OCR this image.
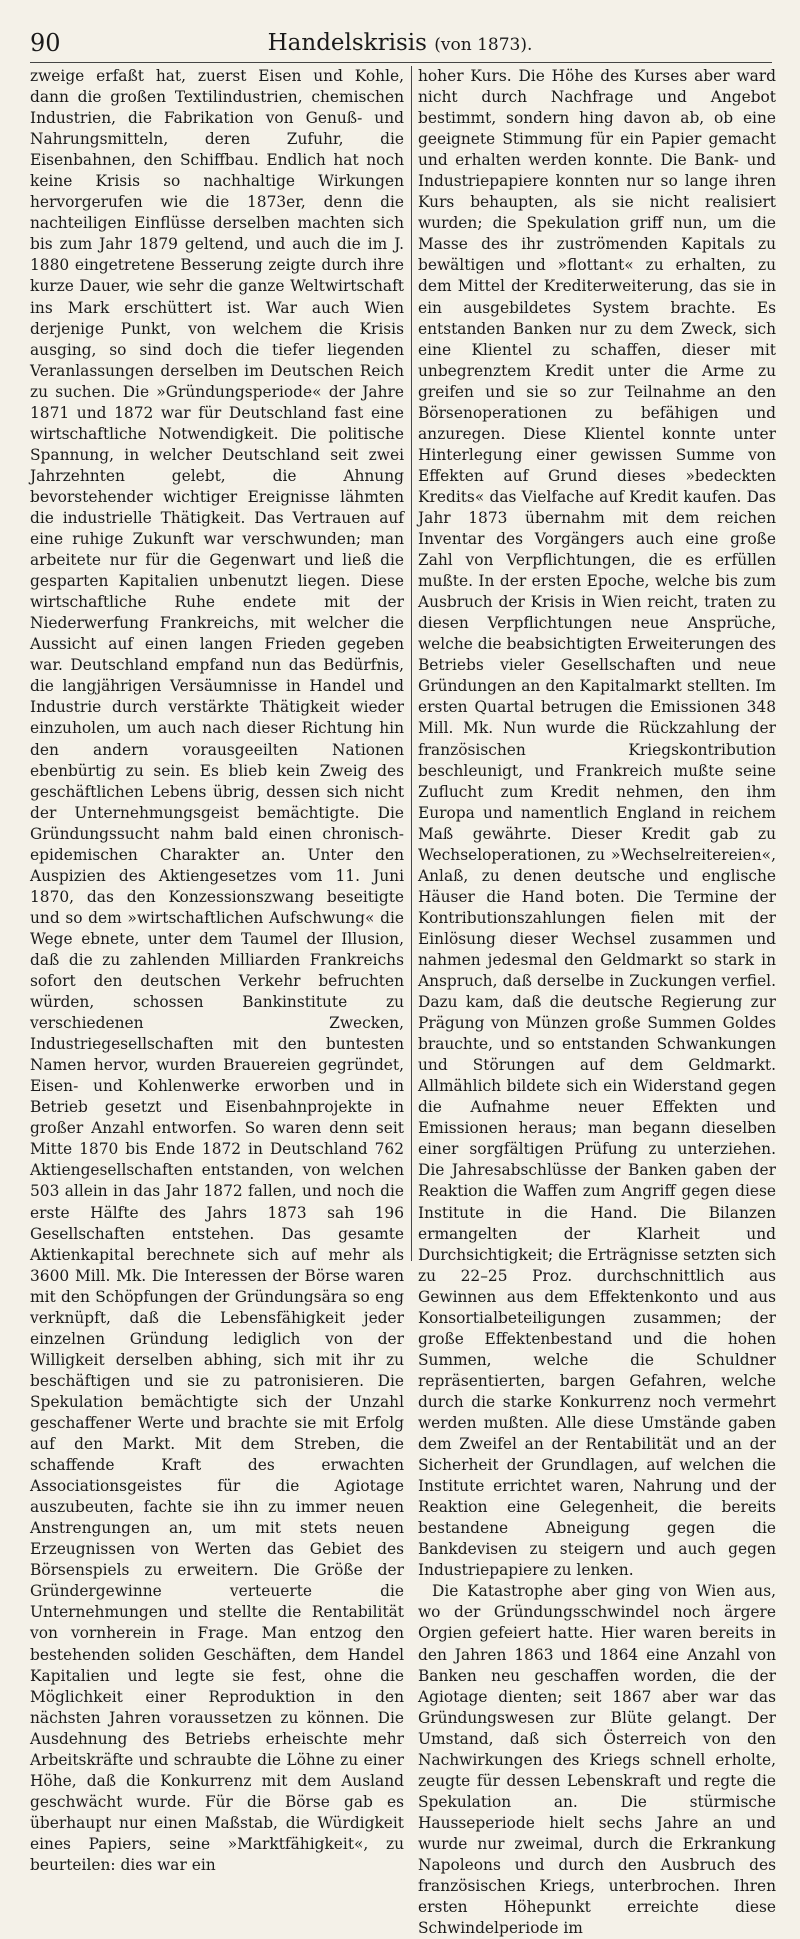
90	Handelskrisis (von 1873).

zweige erfaßt hat, zuerst Eisen und Kohle, dann die großen Textilindustrien, chemischen Industrien, die Fabrikation von Genuß- und Nahrungsmitteln, deren Zufuhr, die Eisenbahnen, den Schiffbau. Endlich hat noch keine Krisis so nachhaltige Wirkungen hervorgerufen wie die 1873er, denn die nachteiligen Einflüsse derselben machten sich bis zum Jahr 1879 geltend, und auch die im J. 1880 eingetretene Besserung zeigte durch ihre kurze Dauer, wie sehr die ganze Weltwirtschaft ins Mark erschüttert ist. War auch Wien derjenige Punkt, von welchem die Krisis ausging, so sind doch die tiefer liegenden Veranlassungen derselben im Deutschen Reich zu suchen. Die »Gründungsperiode« der Jahre 1871 und 1872 war für Deutschland fast eine wirtschaftliche Notwendigkeit. Die politische Spannung, in welcher Deutschland seit zwei Jahrzehnten gelebt, die Ahnung bevorstehender wichtiger Ereignisse lähmten die industrielle Thätigkeit. Das Vertrauen auf eine ruhige Zukunft war verschwunden; man arbeitete nur für die Gegenwart und ließ die gesparten Kapitalien unbenutzt liegen. Diese wirtschaftliche Ruhe endete mit der Niederwerfung Frankreichs, mit welcher die Aussicht auf einen langen Frieden gegeben war. Deutschland empfand nun das Bedürfnis, die langjährigen Versäumnisse in Handel und Industrie durch verstärkte Thätigkeit wieder einzuholen, um auch nach dieser Richtung hin den andern vorausgeeilten Nationen ebenbürtig zu sein. Es blieb kein Zweig des geschäftlichen Lebens übrig, dessen sich nicht der Unternehmungsgeist bemächtigte. Die Gründungssucht nahm bald einen chronisch-epidemischen Charakter an. Unter den Auspizien des Aktiengesetzes vom 11. Juni 1870, das den Konzessionszwang beseitigte und so dem »wirtschaftlichen Aufschwung« die Wege ebnete, unter dem Taumel der Illusion, daß die zu zahlenden Milliarden Frankreichs sofort den deutschen Verkehr befruchten würden, schossen Bankinstitute zu verschiedenen Zwecken, Industriegesellschaften mit den buntesten Namen hervor, wurden Brauereien gegründet, Eisen- und Kohlenwerke erworben und in Betrieb gesetzt und Eisenbahnprojekte in großer Anzahl entworfen. So waren denn seit Mitte 1870 bis Ende 1872 in Deutschland 762 Aktiengesellschaften entstanden, von welchen 503 allein in das Jahr 1872 fallen, und noch die erste Hälfte des Jahrs 1873 sah 196 Gesellschaften entstehen. Das gesamte Aktienkapital berechnete sich auf mehr als 3600 Mill. Mk. Die Interessen der Börse waren mit den Schöpfungen der Gründungsära so eng verknüpft, daß die Lebensfähigkeit jeder einzelnen Gründung lediglich von der Willigkeit derselben abhing, sich mit ihr zu beschäftigen und sie zu patronisieren. Die Spekulation bemächtigte sich der Unzahl geschaffener Werte und brachte sie mit Erfolg auf den Markt. Mit dem Streben, die schaffende Kraft des erwachten Associationsgeistes für die Agiotage auszubeuten, fachte sie ihn zu immer neuen Anstrengungen an, um mit stets neuen Erzeugnissen von Werten das Gebiet des Börsenspiels zu erweitern. Die Größe der Gründergewinne verteuerte die Unternehmungen und stellte die Rentabilität von vornherein in Frage. Man entzog den bestehenden soliden Geschäften, dem Handel Kapitalien und legte sie fest, ohne die Möglichkeit einer Reproduktion in den nächsten Jahren voraussetzen zu können. Die Ausdehnung des Betriebs erheischte mehr Arbeitskräfte und schraubte die Löhne zu einer Höhe, daß die Konkurrenz mit dem Ausland geschwächt wurde. Für die Börse gab es überhaupt nur einen Maßstab, die Würdigkeit eines Papiers, seine »Marktfähigkeit«, zu beurteilen: dies war ein

hoher Kurs. Die Höhe des Kurses aber ward nicht durch Nachfrage und Angebot bestimmt, sondern hing davon ab, ob eine geeignete Stimmung für ein Papier gemacht und erhalten werden konnte. Die Bank- und Industriepapiere konnten nur so lange ihren Kurs behaupten, als sie nicht realisiert wurden; die Spekulation griff nun, um die Masse des ihr zuströmenden Kapitals zu bewältigen und »flottant« zu erhalten, zu dem Mittel der Krediterweiterung, das sie in ein ausgebildetes System brachte. Es entstanden Banken nur zu dem Zweck, sich eine Klientel zu schaffen, dieser mit unbegrenztem Kredit unter die Arme zu greifen und sie so zur Teilnahme an den Börsenoperationen zu befähigen und anzuregen. Diese Klientel konnte unter Hinterlegung einer gewissen Summe von Effekten auf Grund dieses »bedeckten Kredits« das Vielfache auf Kredit kaufen. Das Jahr 1873 übernahm mit dem reichen Inventar des Vorgängers auch eine große Zahl von Verpflichtungen, die es erfüllen mußte. In der ersten Epoche, welche bis zum Ausbruch der Krisis in Wien reicht, traten zu diesen Verpflichtungen neue Ansprüche, welche die beabsichtigten Erweiterungen des Betriebs vieler Gesellschaften und neue Gründungen an den Kapitalmarkt stellten. Im ersten Quartal betrugen die Emissionen 348 Mill. Mk. Nun wurde die Rückzahlung der französischen Kriegskontribution beschleunigt, und Frankreich mußte seine Zuflucht zum Kredit nehmen, den ihm Europa und namentlich England in reichem Maß gewährte. Dieser Kredit gab zu Wechseloperationen, zu »Wechselreitereien«, Anlaß, zu denen deutsche und englische Häuser die Hand boten. Die Termine der Kontributionszahlungen fielen mit der Einlösung dieser Wechsel zusammen und nahmen jedesmal den Geldmarkt so stark in Anspruch, daß derselbe in Zuckungen verfiel. Dazu kam, daß die deutsche Regierung zur Prägung von Münzen große Summen Goldes brauchte, und so entstanden Schwankungen und Störungen auf dem Geldmarkt. Allmählich bildete sich ein Widerstand gegen die Aufnahme neuer Effekten und Emissionen heraus; man begann dieselben einer sorgfältigen Prüfung zu unterziehen. Die Jahresabschlüsse der Banken gaben der Reaktion die Waffen zum Angriff gegen diese Institute in die Hand. Die Bilanzen ermangelten der Klarheit und Durchsichtigkeit; die Erträgnisse setzten sich zu 22–25 Proz. durchschnittlich aus Gewinnen aus dem Effektenkonto und aus Konsortialbeteiligungen zusammen; der große Effektenbestand und die hohen Summen, welche die Schuldner repräsentierten, bargen Gefahren, welche durch die starke Konkurrenz noch vermehrt werden mußten. Alle diese Umstände gaben dem Zweifel an der Rentabilität und an der Sicherheit der Grundlagen, auf welchen die Institute errichtet waren, Nahrung und der Reaktion eine Gelegenheit, die bereits bestandene Abneigung gegen die Bankdevisen zu steigern und auch gegen Industriepapiere zu lenken.

Die Katastrophe aber ging von Wien aus, wo der Gründungsschwindel noch ärgere Orgien gefeiert hatte. Hier waren bereits in den Jahren 1863 und 1864 eine Anzahl von Banken neu geschaffen worden, die der Agiotage dienten; seit 1867 aber war das Gründungswesen zur Blüte gelangt. Der Umstand, daß sich Österreich von den Nachwirkungen des Kriegs schnell erholte, zeugte für dessen Lebenskraft und regte die Spekulation an. Die stürmische Hausseperiode hielt sechs Jahre an und wurde nur zweimal, durch die Erkrankung Napoleons und durch den Ausbruch des französischen Kriegs, unterbrochen. Ihren ersten Höhepunkt erreichte diese Schwindelperiode im
